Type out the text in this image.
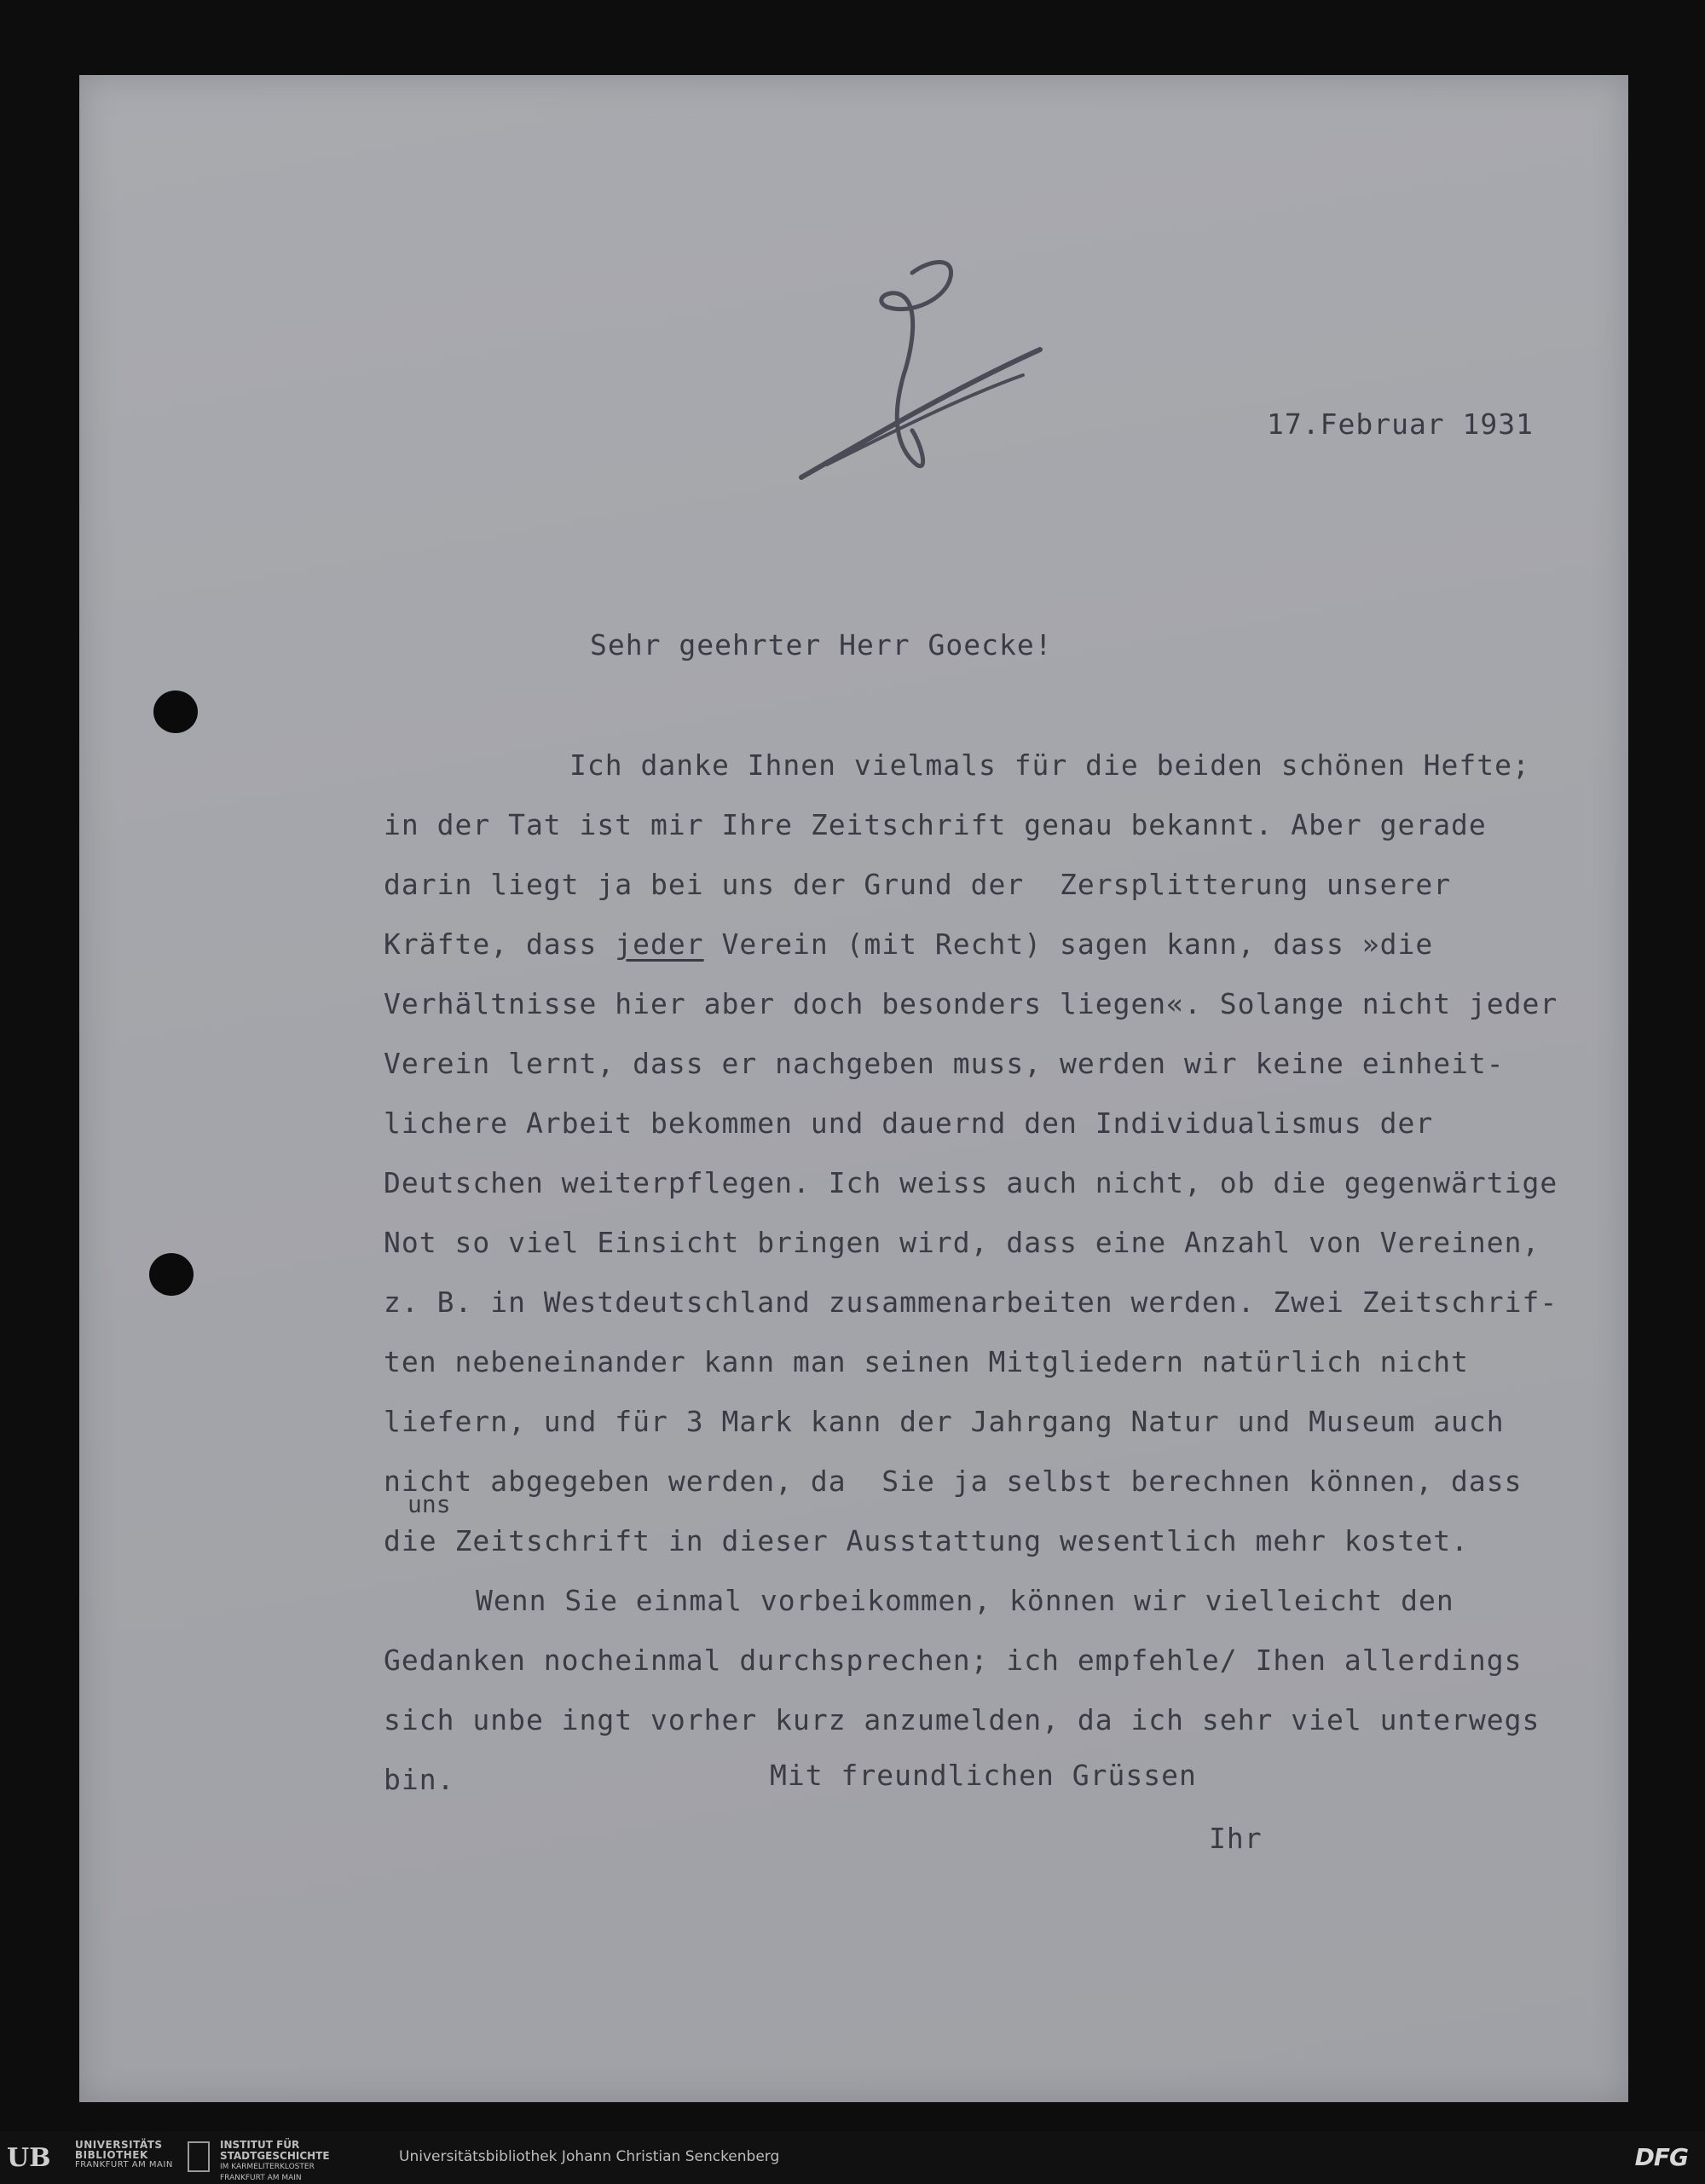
17.Februar 1931
Sehr geehrter Herr Goecke!
Ich danke Ihnen vielmals für die beiden schönen Hefte;
in der Tat ist mir Ihre Zeitschrift genau bekannt. Aber gerade
darin liegt ja bei uns der Grund der  Zersplitterung unserer
Kräfte, dass jeder Verein (mit Recht) sagen kann, dass »die
Verhältnisse hier aber doch besonders liegen«. Solange nicht jeder
Verein lernt, dass er nachgeben muss, werden wir keine einheit-
lichere Arbeit bekommen und dauernd den Individualismus der
Deutschen weiterpflegen. Ich weiss auch nicht, ob die gegenwärtige
Not so viel Einsicht bringen wird, dass eine Anzahl von Vereinen,
z. B. in Westdeutschland zusammenarbeiten werden. Zwei Zeitschrif-
ten nebeneinander kann man seinen Mitgliedern natürlich nicht
liefern, und für 3 Mark kann der Jahrgang Natur und Museum auch
nicht abgegeben werden, da  Sie ja selbst berechnen können, dass
uns
die Zeitschrift in dieser Ausstattung wesentlich mehr kostet.
Wenn Sie einmal vorbeikommen, können wir vielleicht den
Gedanken nocheinmal durchsprechen; ich empfehle/ Ihen allerdings
sich unbe ingt vorher kurz anzumelden, da ich sehr viel unterwegs
bin.	Mit freundlichen Grüssen
Ihr
UB UNIVERSITÄTS
BIBLIOTHEK
FRANKFURT AM MAIN
INSTITUT FÜR
STADTGESCHICHTE
IM KARMELITERKLOSTER
FRANKFURT AM MAIN
Universitätsbibliothek Johann Christian Senckenberg	DFG
